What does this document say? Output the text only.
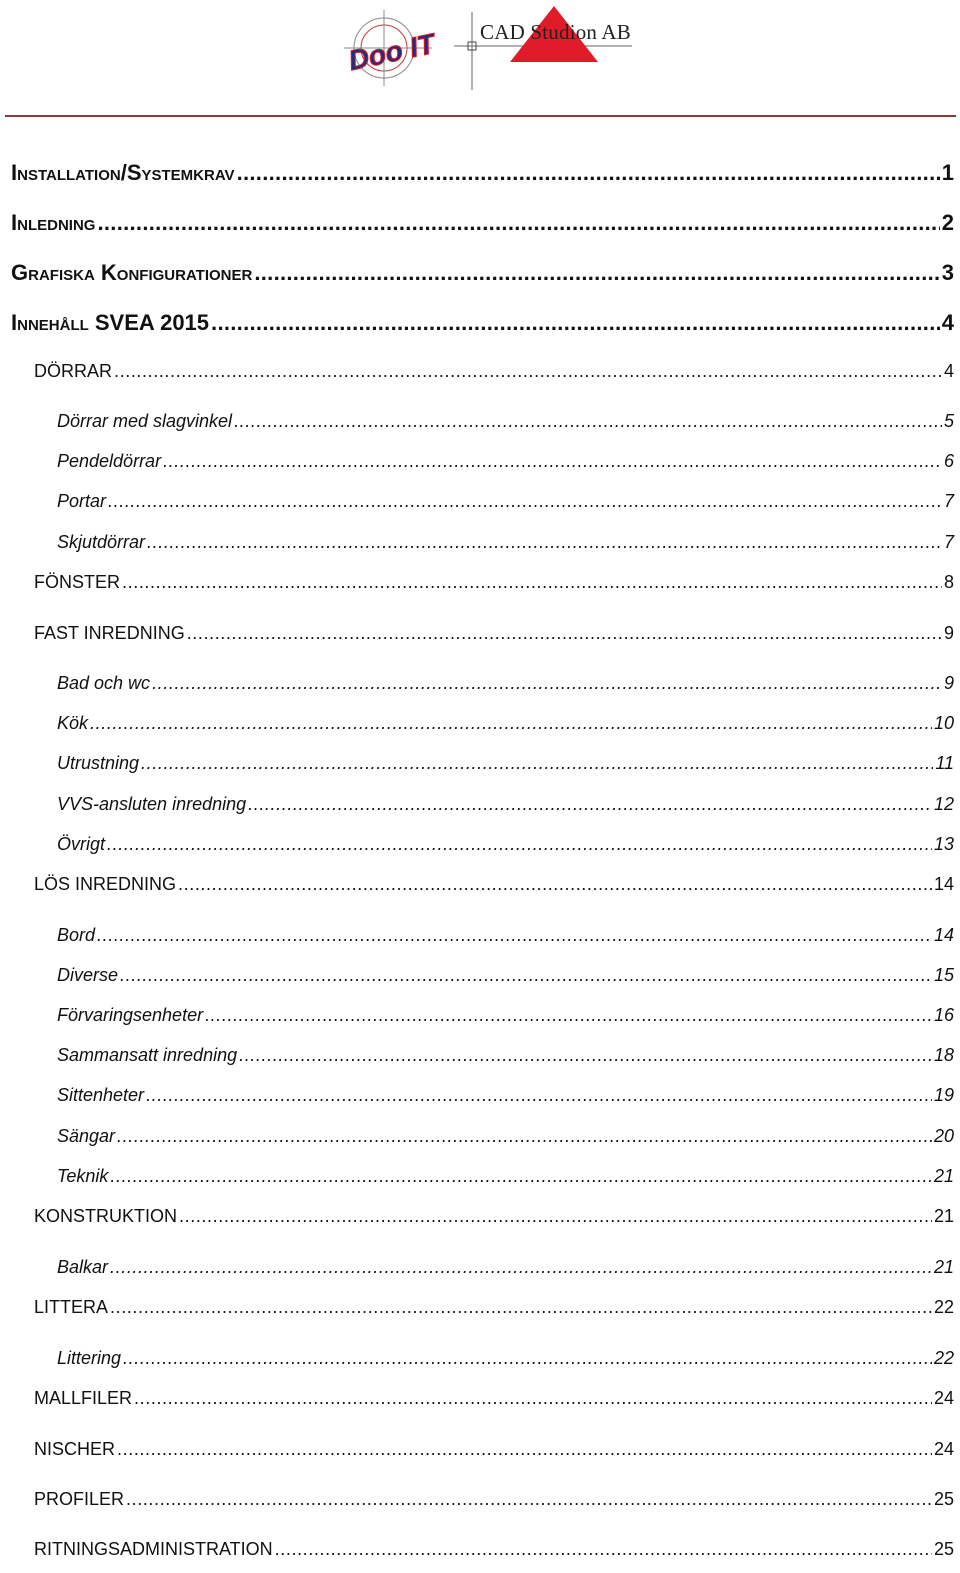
Doo IT CAD Studion AB
Installation/Systemkrav .....	1
Inledning .....	2
Grafiska Konfigurationer .....	3
Innehåll SVEA 2015 .....	4
DÖRRAR .....	4
Dörrar med slagvinkel .....	5
Pendeldörrar .....	6
Portar .....	7
Skjutdörrar .....	7
FÖNSTER .....	8
FAST INREDNING .....	9
Bad och wc .....	9
Kök .....	10
Utrustning .....	11
VVS-ansluten inredning .....	12
Övrigt .....	13
LÖS INREDNING .....	14
Bord .....	14
Diverse .....	15
Förvaringsenheter .....	16
Sammansatt inredning .....	18
Sittenheter .....	19
Sängar .....	20
Teknik .....	21
KONSTRUKTION .....	21
Balkar .....	21
LITTERA .....	22
Littering .....	22
MALLFILER .....	24
NISCHER .....	24
PROFILER .....	25
RITNINGSADMINISTRATION .....	25
